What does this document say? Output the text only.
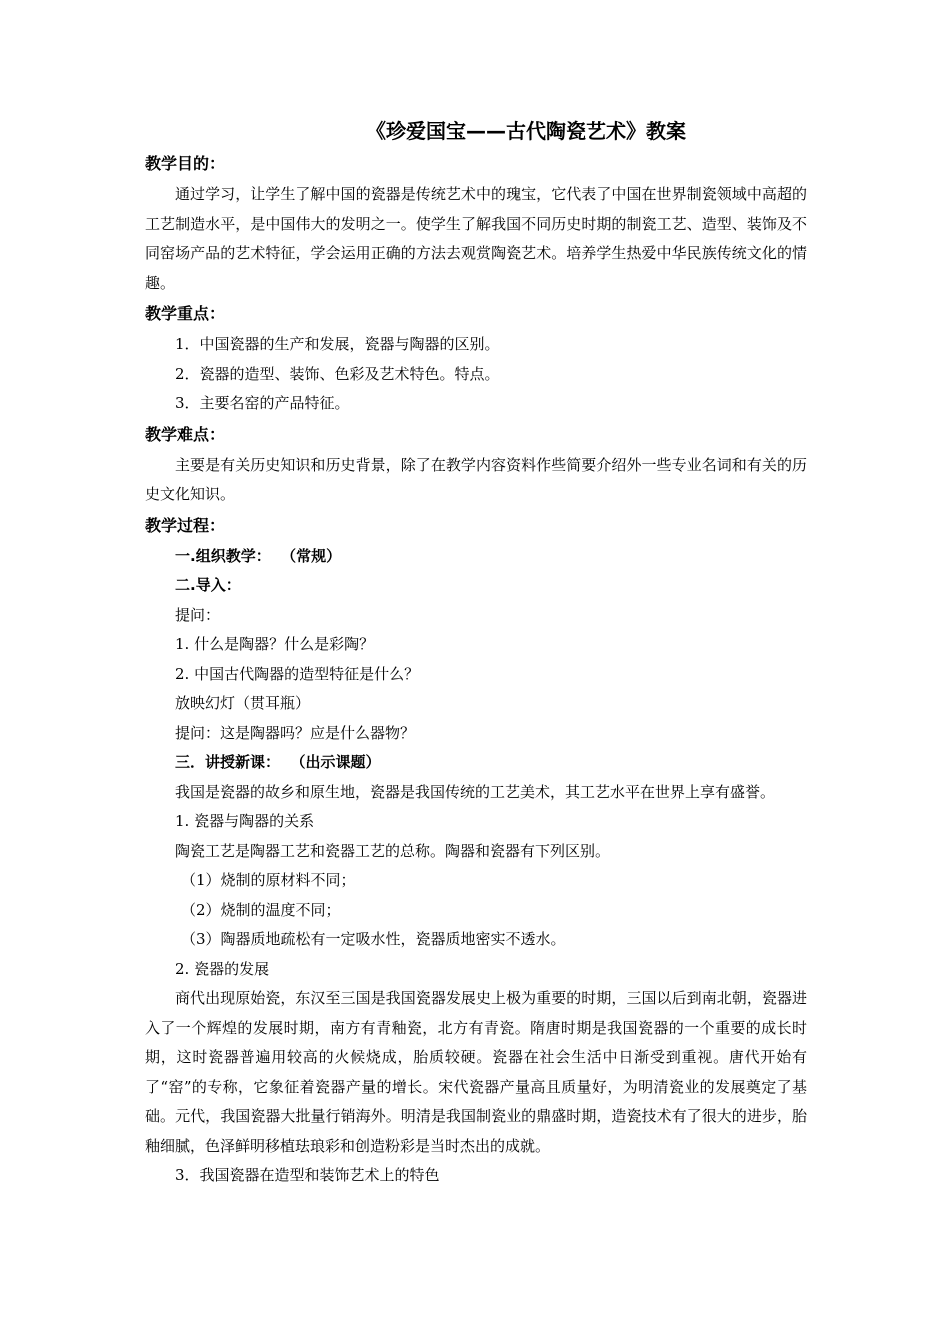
《珍爱国宝——古代陶瓷艺术》教案
教学目的：

通过学习，让学生了解中国的瓷器是传统艺术中的瑰宝，它代表了中国在世界制瓷领域中高超的工艺制造水平，是中国伟大的发明之一。使学生了解我国不同历史时期的制瓷工艺、造型、装饰及不同窑场产品的艺术特征，学会运用正确的方法去观赏陶瓷艺术。培养学生热爱中华民族传统文化的情趣。

教学重点：

1．中国瓷器的生产和发展，瓷器与陶器的区别。

2．瓷器的造型、装饰、色彩及艺术特色。特点。

3．主要名窑的产品特征。

教学难点：

主要是有关历史知识和历史背景，除了在教学内容资料作些简要介绍外一些专业名词和有关的历史文化知识。

教学过程：

一.组织教学：  （常规）

二.导入：

提问：

1. 什么是陶器？什么是彩陶？

2. 中国古代陶器的造型特征是什么？

放映幻灯（贯耳瓶）

提问：这是陶器吗？应是什么器物？

三．讲授新课：  （出示课题）

我国是瓷器的故乡和原生地，瓷器是我国传统的工艺美术，其工艺水平在世界上享有盛誉。

1. 瓷器与陶器的关系

陶瓷工艺是陶器工艺和瓷器工艺的总称。陶器和瓷器有下列区别。

（1）烧制的原材料不同；

（2）烧制的温度不同；

（3）陶器质地疏松有一定吸水性，瓷器质地密实不透水。

2. 瓷器的发展

商代出现原始瓷，东汉至三国是我国瓷器发展史上极为重要的时期，三国以后到南北朝，瓷器进入了一个辉煌的发展时期，南方有青釉瓷，北方有青瓷。隋唐时期是我国瓷器的一个重要的成长时期，这时瓷器普遍用较高的火候烧成，胎质较硬。瓷器在社会生活中日渐受到重视。唐代开始有了“窑”的专称，它象征着瓷器产量的增长。宋代瓷器产量高且质量好，为明清瓷业的发展奠定了基础。元代，我国瓷器大批量行销海外。明清是我国制瓷业的鼎盛时期，造瓷技术有了很大的进步，胎釉细腻，色泽鲜明移植珐琅彩和创造粉彩是当时杰出的成就。

3．我国瓷器在造型和装饰艺术上的特色
